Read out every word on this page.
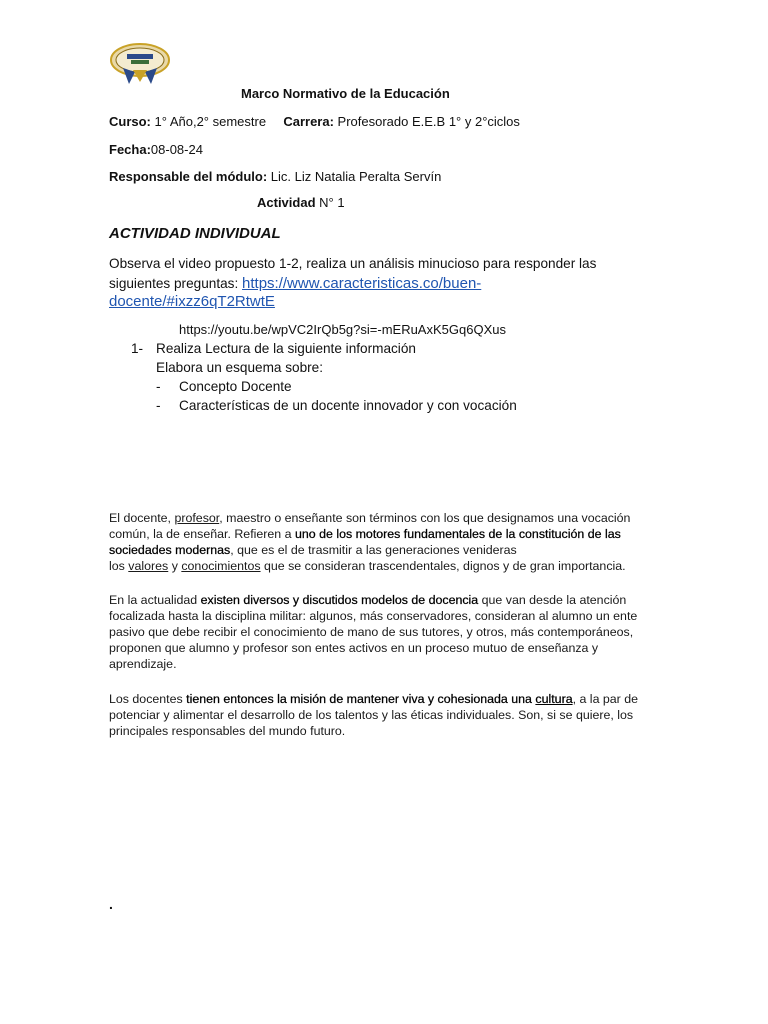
Marco Normativo de la Educación
Curso: 1° Año,2° semestre Carrera: Profesorado E.E.B 1° y 2°ciclos
Fecha:08-08-24
Responsable del módulo: Lic. Liz Natalia Peralta Servín
Actividad N° 1
ACTIVIDAD INDIVIDUAL
Observa el video propuesto 1-2, realiza un análisis minucioso para responder las
siguientes preguntas: https://www.caracteristicas.co/buen-
docente/#ixzz6qT2RtwtE
https://youtu.be/wpVC2IrQb5g?si=-mERuAxK5Gq6QXus
1- Realiza Lectura de la siguiente información
Elabora un esquema sobre:
- Concepto Docente
- Características de un docente innovador y con vocación
El docente, profesor, maestro o enseñante son términos con los que designamos una vocación común, la de enseñar. Refieren a uno de los motores fundamentales de la constitución de las sociedades modernas, que es el de trasmitir a las generaciones venideras
los valores y conocimientos que se consideran trascendentales, dignos y de gran importancia.
En la actualidad existen diversos y discutidos modelos de docencia que van desde la atención focalizada hasta la disciplina militar: algunos, más conservadores, consideran al alumno un ente pasivo que debe recibir el conocimiento de mano de sus tutores, y otros, más contemporáneos, proponen que alumno y profesor son entes activos en un proceso mutuo de enseñanza y aprendizaje.
Los docentes tienen entonces la misión de mantener viva y cohesionada una cultura, a la par de potenciar y alimentar el desarrollo de los talentos y las éticas individuales. Son, si se quiere, los principales responsables del mundo futuro.
.
